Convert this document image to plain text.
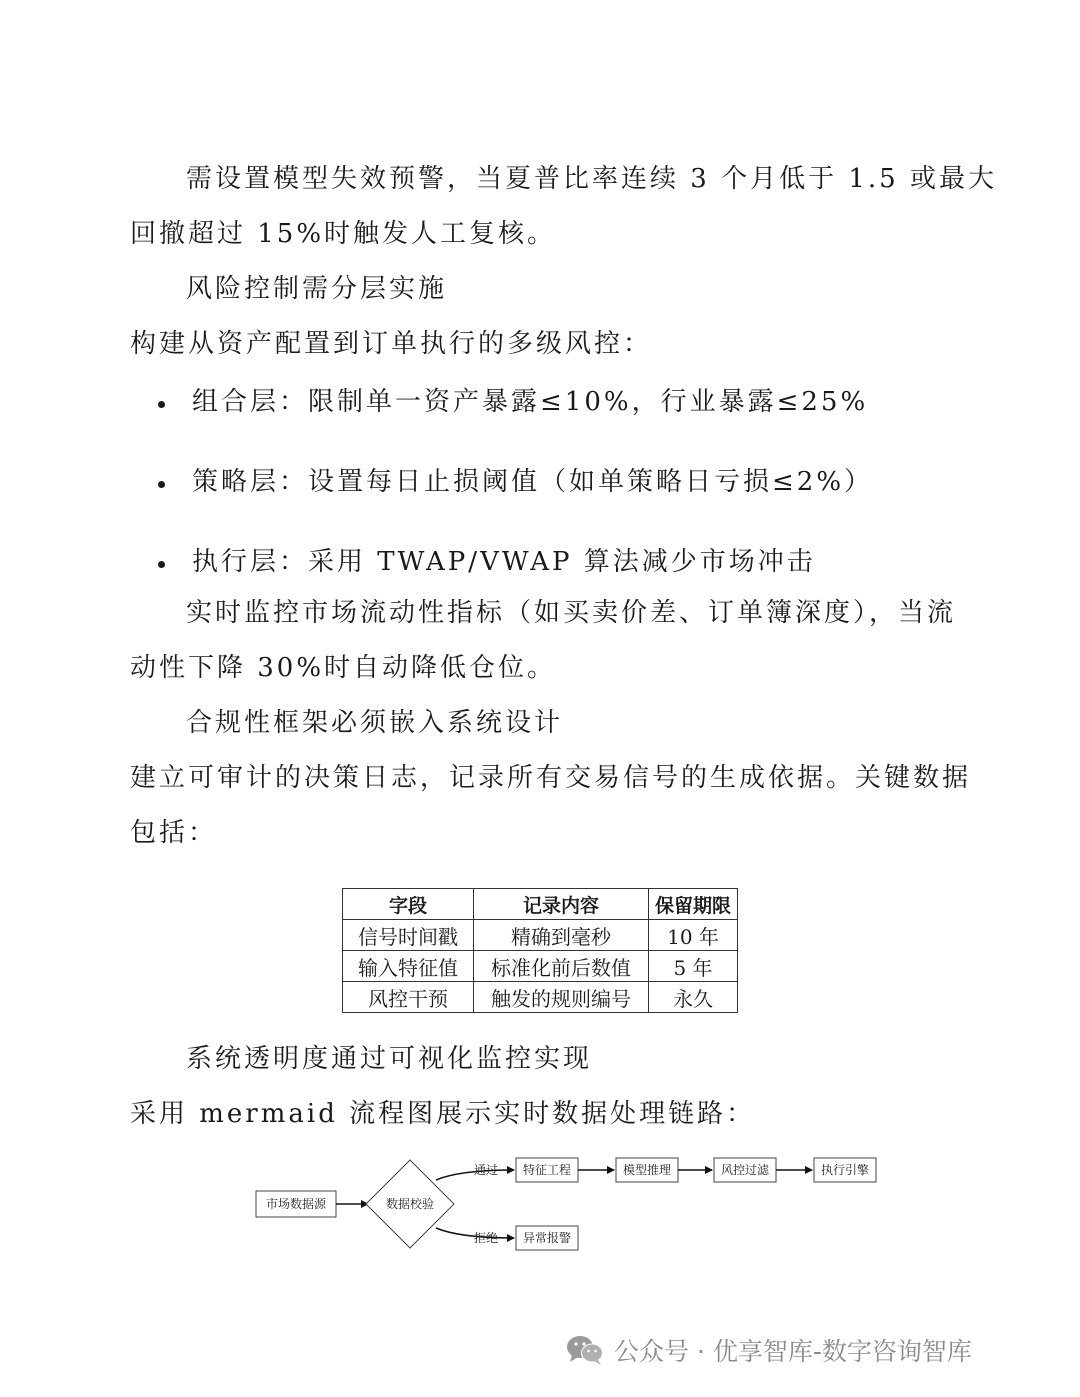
需设置模型失效预警，当夏普比率连续 3 个月低于 1.5 或最大
回撤超过 15%时触发人工复核。
风险控制需分层实施
构建从资产配置到订单执行的多级风控：
组合层：限制单一资产暴露≤10%，行业暴露≤25%
策略层：设置每日止损阈值（如单策略日亏损≤2%）
执行层：采用 TWAP/VWAP 算法减少市场冲击
实时监控市场流动性指标（如买卖价差、订单簿深度），当流
动性下降 30%时自动降低仓位。
合规性框架必须嵌入系统设计
建立可审计的决策日志，记录所有交易信号的生成依据。关键数据
包括：
字段	记录内容	保留期限
信号时间戳	精确到毫秒	10 年
输入特征值	标准化前后数值	5 年
风控干预	触发的规则编号	永久
系统透明度通过可视化监控实现
采用 mermaid 流程图展示实时数据处理链路：
市场数据源	数据校验
通过
拒绝
特征工程	模型推理	风控过滤	执行引擎
异常报警
公众号 · 优享智库-数字咨询智库
